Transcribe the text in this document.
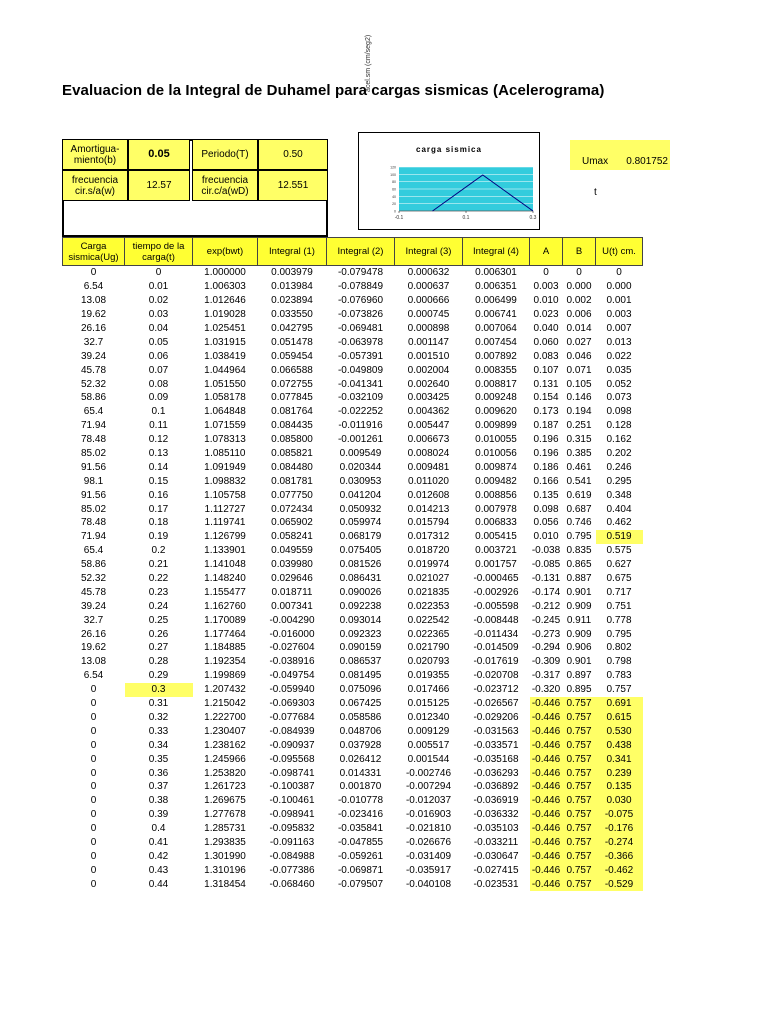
Evaluacion de la Integral de Duhamel para cargas sismicas (Acelerograma)
Amortigua-miento(b)	0.05	Periodo(T)	0.50
frecuencia cir.s/a(w)	12.57	frecuencia cir.c/a(wD)	12.551
Umax 0.801752
t
acel.sm (cm/seg2)
carga sismica
0
20
40
60
80
100
120
-0.1	0.1	0.3
Carga sismica(Ug)	tiempo de la carga(t)	exp(bwt)	Integral (1)	Integral (2)	Integral (3)	Integral (4)	A	B	U(t) cm.
0	0	1.000000	0.003979	-0.079478	0.000632	0.006301	0	0	0
6.54	0.01	1.006303	0.013984	-0.078849	0.000637	0.006351	0.003	0.000	0.000
13.08	0.02	1.012646	0.023894	-0.076960	0.000666	0.006499	0.010	0.002	0.001
19.62	0.03	1.019028	0.033550	-0.073826	0.000745	0.006741	0.023	0.006	0.003
26.16	0.04	1.025451	0.042795	-0.069481	0.000898	0.007064	0.040	0.014	0.007
32.7	0.05	1.031915	0.051478	-0.063978	0.001147	0.007454	0.060	0.027	0.013
39.24	0.06	1.038419	0.059454	-0.057391	0.001510	0.007892	0.083	0.046	0.022
45.78	0.07	1.044964	0.066588	-0.049809	0.002004	0.008355	0.107	0.071	0.035
52.32	0.08	1.051550	0.072755	-0.041341	0.002640	0.008817	0.131	0.105	0.052
58.86	0.09	1.058178	0.077845	-0.032109	0.003425	0.009248	0.154	0.146	0.073
65.4	0.1	1.064848	0.081764	-0.022252	0.004362	0.009620	0.173	0.194	0.098
71.94	0.11	1.071559	0.084435	-0.011916	0.005447	0.009899	0.187	0.251	0.128
78.48	0.12	1.078313	0.085800	-0.001261	0.006673	0.010055	0.196	0.315	0.162
85.02	0.13	1.085110	0.085821	0.009549	0.008024	0.010056	0.196	0.385	0.202
91.56	0.14	1.091949	0.084480	0.020344	0.009481	0.009874	0.186	0.461	0.246
98.1	0.15	1.098832	0.081781	0.030953	0.011020	0.009482	0.166	0.541	0.295
91.56	0.16	1.105758	0.077750	0.041204	0.012608	0.008856	0.135	0.619	0.348
85.02	0.17	1.112727	0.072434	0.050932	0.014213	0.007978	0.098	0.687	0.404
78.48	0.18	1.119741	0.065902	0.059974	0.015794	0.006833	0.056	0.746	0.462
71.94	0.19	1.126799	0.058241	0.068179	0.017312	0.005415	0.010	0.795	0.519
65.4	0.2	1.133901	0.049559	0.075405	0.018720	0.003721	-0.038	0.835	0.575
58.86	0.21	1.141048	0.039980	0.081526	0.019974	0.001757	-0.085	0.865	0.627
52.32	0.22	1.148240	0.029646	0.086431	0.021027	-0.000465	-0.131	0.887	0.675
45.78	0.23	1.155477	0.018711	0.090026	0.021835	-0.002926	-0.174	0.901	0.717
39.24	0.24	1.162760	0.007341	0.092238	0.022353	-0.005598	-0.212	0.909	0.751
32.7	0.25	1.170089	-0.004290	0.093014	0.022542	-0.008448	-0.245	0.911	0.778
26.16	0.26	1.177464	-0.016000	0.092323	0.022365	-0.011434	-0.273	0.909	0.795
19.62	0.27	1.184885	-0.027604	0.090159	0.021790	-0.014509	-0.294	0.906	0.802
13.08	0.28	1.192354	-0.038916	0.086537	0.020793	-0.017619	-0.309	0.901	0.798
6.54	0.29	1.199869	-0.049754	0.081495	0.019355	-0.020708	-0.317	0.897	0.783
0	0.3	1.207432	-0.059940	0.075096	0.017466	-0.023712	-0.320	0.895	0.757
0	0.31	1.215042	-0.069303	0.067425	0.015125	-0.026567	-0.446	0.757	0.691
0	0.32	1.222700	-0.077684	0.058586	0.012340	-0.029206	-0.446	0.757	0.615
0	0.33	1.230407	-0.084939	0.048706	0.009129	-0.031563	-0.446	0.757	0.530
0	0.34	1.238162	-0.090937	0.037928	0.005517	-0.033571	-0.446	0.757	0.438
0	0.35	1.245966	-0.095568	0.026412	0.001544	-0.035168	-0.446	0.757	0.341
0	0.36	1.253820	-0.098741	0.014331	-0.002746	-0.036293	-0.446	0.757	0.239
0	0.37	1.261723	-0.100387	0.001870	-0.007294	-0.036892	-0.446	0.757	0.135
0	0.38	1.269675	-0.100461	-0.010778	-0.012037	-0.036919	-0.446	0.757	0.030
0	0.39	1.277678	-0.098941	-0.023416	-0.016903	-0.036332	-0.446	0.757	-0.075
0	0.4	1.285731	-0.095832	-0.035841	-0.021810	-0.035103	-0.446	0.757	-0.176
0	0.41	1.293835	-0.091163	-0.047855	-0.026676	-0.033211	-0.446	0.757	-0.274
0	0.42	1.301990	-0.084988	-0.059261	-0.031409	-0.030647	-0.446	0.757	-0.366
0	0.43	1.310196	-0.077386	-0.069871	-0.035917	-0.027415	-0.446	0.757	-0.462
0	0.44	1.318454	-0.068460	-0.079507	-0.040108	-0.023531	-0.446	0.757	-0.529
